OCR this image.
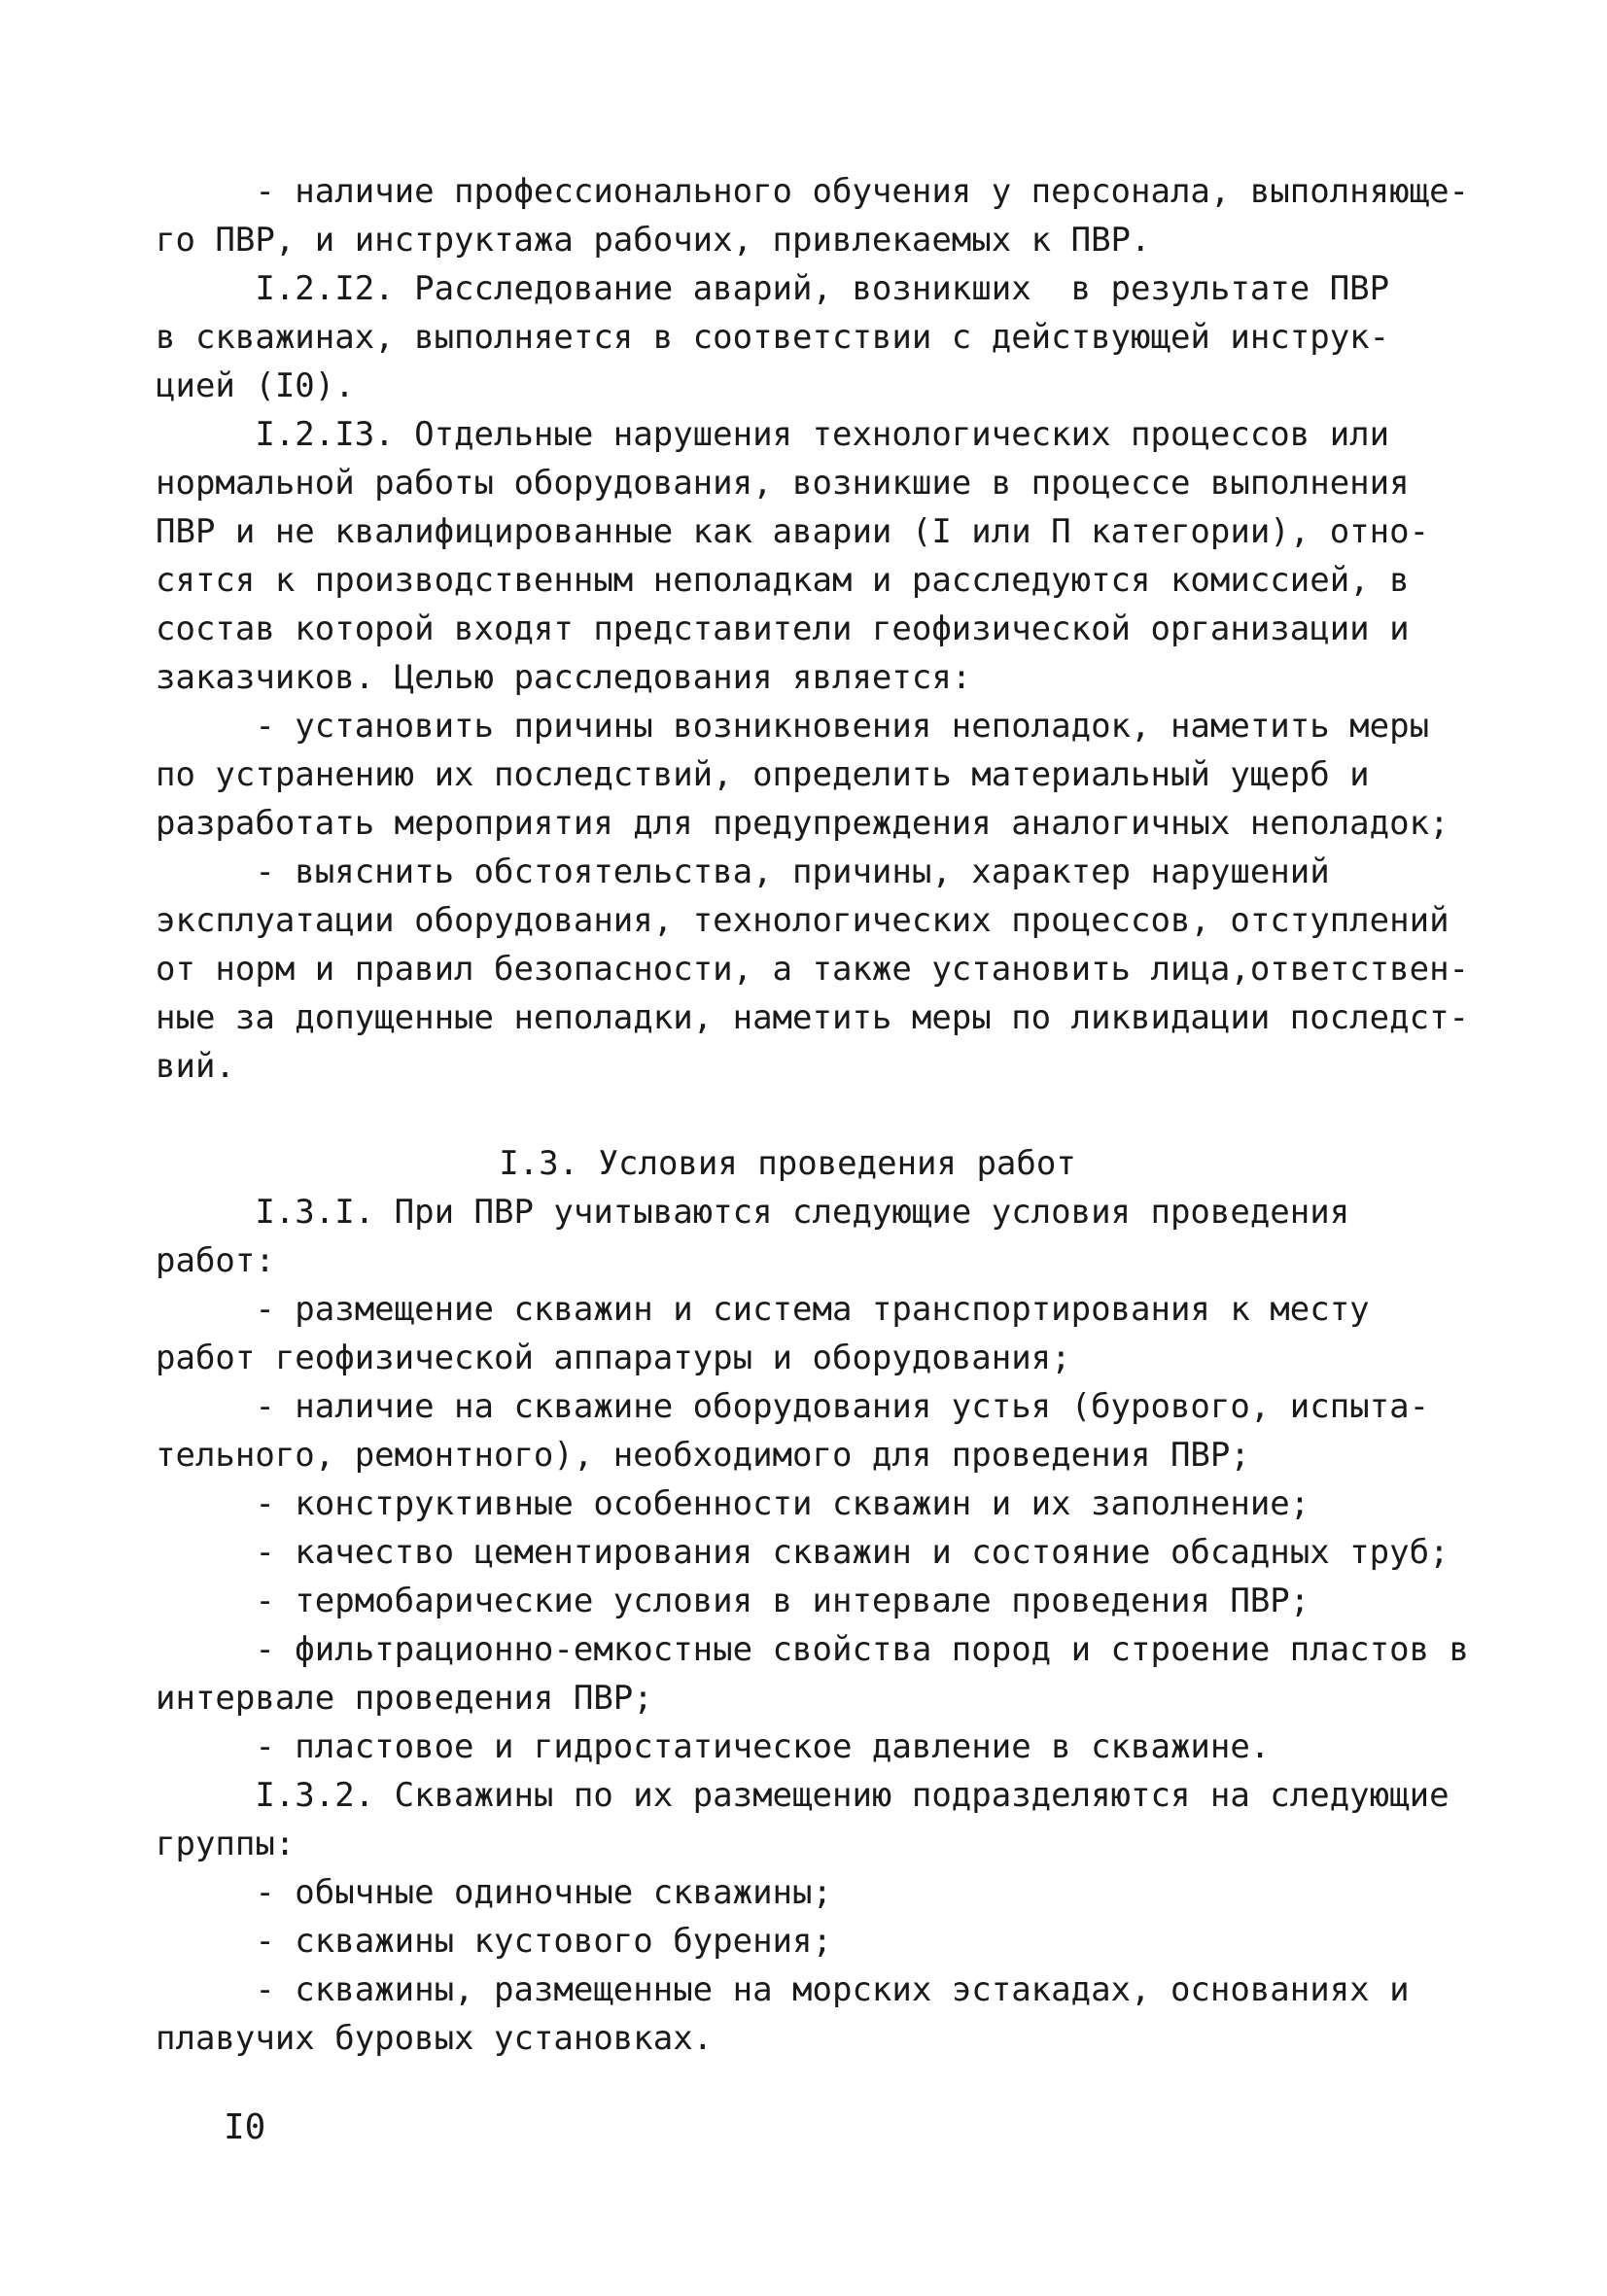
- наличие профессионального обучения у персонала, выполняюще-
го ПВР, и инструктажа рабочих, привлекаемых к ПВР.
I.2.I2. Расследование аварий, возникших  в результате ПВР
в скважинах, выполняется в соответствии с действующей инструк-
цией (I0).
I.2.I3. Отдельные нарушения технологических процессов или
нормальной работы оборудования, возникшие в процессе выполнения
ПВР и не квалифицированные как аварии (I или П категории), отно-
сятся к производственным неполадкам и расследуются комиссией, в
состав которой входят представители геофизической организации и
заказчиков. Целью расследования является:
- установить причины возникновения неполадок, наметить меры
по устранению их последствий, определить материальный ущерб и
разработать мероприятия для предупреждения аналогичных неполадок;
- выяснить обстоятельства, причины, характер нарушений
эксплуатации оборудования, технологических процессов, отступлений
от норм и правил безопасности, а также установить лица,ответствен-
ные за допущенные неполадки, наметить меры по ликвидации последст-
вий.
I.3. Условия проведения работ
I.3.I. При ПВР учитываются следующие условия проведения
работ:
- размещение скважин и система транспортирования к месту
работ геофизической аппаратуры и оборудования;
- наличие на скважине оборудования устья (бурового, испыта-
тельного, ремонтного), необходимого для проведения ПВР;
- конструктивные особенности скважин и их заполнение;
- качество цементирования скважин и состояние обсадных труб;
- термобарические условия в интервале проведения ПВР;
- фильтрационно-емкостные свойства пород и строение пластов в
интервале проведения ПВР;
- пластовое и гидростатическое давление в скважине.
I.3.2. Скважины по их размещению подразделяются на следующие
группы:
- обычные одиночные скважины;
- скважины кустового бурения;
- скважины, размещенные на морских эстакадах, основаниях и
плавучих буровых установках.
I0
